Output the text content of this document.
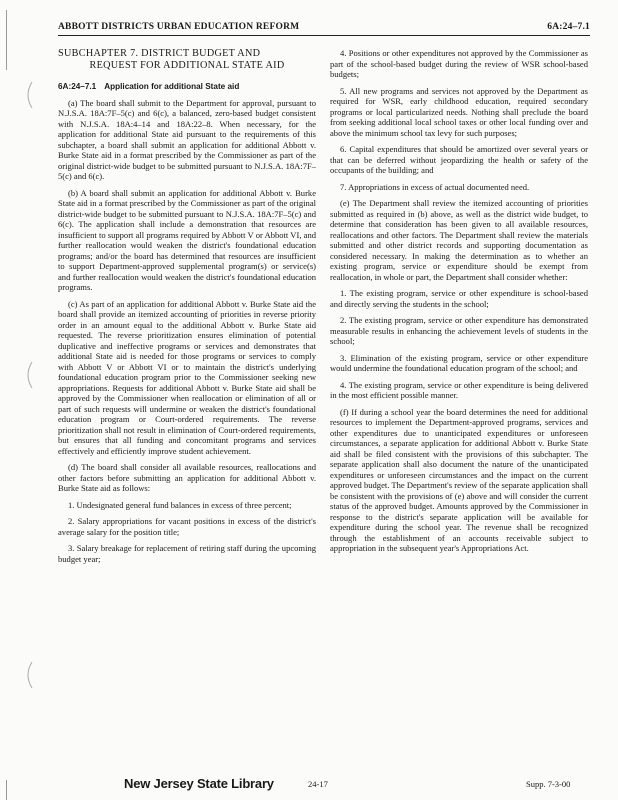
ABBOTT DISTRICTS URBAN EDUCATION REFORM	6A:24–7.1
SUBCHAPTER 7. DISTRICT BUDGET AND
REQUEST FOR ADDITIONAL STATE AID
6A:24–7.1 Application for additional State aid

(a) The board shall submit to the Department for approval, pursuant to N.J.S.A. 18A:7F–5(c) and 6(c), a balanced, zero-based budget consistent with N.J.S.A. 18A:4–14 and 18A:22–8. When necessary, for the application for additional State aid pursuant to the requirements of this subchapter, a board shall submit an application for additional Abbott v. Burke State aid in a format prescribed by the Commissioner as part of the original district-wide budget to be submitted pursuant to N.J.S.A. 18A:7F–5(c) and 6(c).

(b) A board shall submit an application for additional Abbott v. Burke State aid in a format prescribed by the Commissioner as part of the original district-wide budget to be submitted pursuant to N.J.S.A. 18A:7F–5(c) and 6(c). The application shall include a demonstration that resources are insufficient to support all programs required by Abbott V or Abbott VI, and further reallocation would weaken the district's foundational education programs; and/or the board has determined that resources are insufficient to support Department-approved supplemental program(s) or service(s) and further reallocation would weaken the district's foundational education programs.

(c) As part of an application for additional Abbott v. Burke State aid the board shall provide an itemized accounting of priorities in reverse priority order in an amount equal to the additional Abbott v. Burke State aid requested. The reverse prioritization ensures elimination of potential duplicative and ineffective programs or services and demonstrates that additional State aid is needed for those programs or services to comply with Abbott V or Abbott VI or to maintain the district's underlying foundational education program prior to the Commissioner seeking new appropriations. Requests for additional Abbott v. Burke State aid shall be approved by the Commissioner when reallocation or elimination of all or part of such requests will undermine or weaken the district's foundational education program or Court-ordered requirements. The reverse prioritization shall not result in elimination of Court-ordered requirements, but ensures that all funding and concomitant programs and services effectively and efficiently improve student achievement.

(d) The board shall consider all available resources, reallocations and other factors before submitting an application for additional Abbott v. Burke State aid as follows:

1. Undesignated general fund balances in excess of three percent;

2. Salary appropriations for vacant positions in excess of the district's average salary for the position title;

3. Salary breakage for replacement of retiring staff during the upcoming budget year;

4. Positions or other expenditures not approved by the Commissioner as part of the school-based budget during the review of WSR school-based budgets;

5. All new programs and services not approved by the Department as required for WSR, early childhood education, required secondary programs or local particularized needs. Nothing shall preclude the board from seeking additional local school taxes or other local funding over and above the minimum school tax levy for such purposes;

6. Capital expenditures that should be amortized over several years or that can be deferred without jeopardizing the health or safety of the occupants of the building; and

7. Appropriations in excess of actual documented need.

(e) The Department shall review the itemized accounting of priorities submitted as required in (b) above, as well as the district wide budget, to determine that consideration has been given to all available resources, reallocations and other factors. The Department shall review the materials submitted and other district records and supporting documentation as considered necessary. In making the determination as to whether an existing program, service or expenditure should be exempt from reallocation, in whole or part, the Department shall consider whether:

1. The existing program, service or other expenditure is school-based and directly serving the students in the school;

2. The existing program, service or other expenditure has demonstrated measurable results in enhancing the achievement levels of students in the school;

3. Elimination of the existing program, service or other expenditure would undermine the foundational education program of the school; and

4. The existing program, service or other expenditure is being delivered in the most efficient possible manner.

(f) If during a school year the board determines the need for additional resources to implement the Department-approved programs, services and other expenditures due to unanticipated expenditures or unforeseen circumstances, a separate application for additional Abbott v. Burke State aid shall be filed consistent with the provisions of this subchapter. The separate application shall also document the nature of the unanticipated expenditures or unforeseen circumstances and the impact on the current approved budget. The Department's review of the separate application shall be consistent with the provisions of (e) above and will consider the current status of the approved budget. Amounts approved by the Commissioner in response to the district's separate application will be available for expenditure during the school year. The revenue shall be recognized through the establishment of an accounts receivable subject to appropriation in the subsequent year's Appropriations Act.

New Jersey State Library	24-17	Supp. 7-3-00
